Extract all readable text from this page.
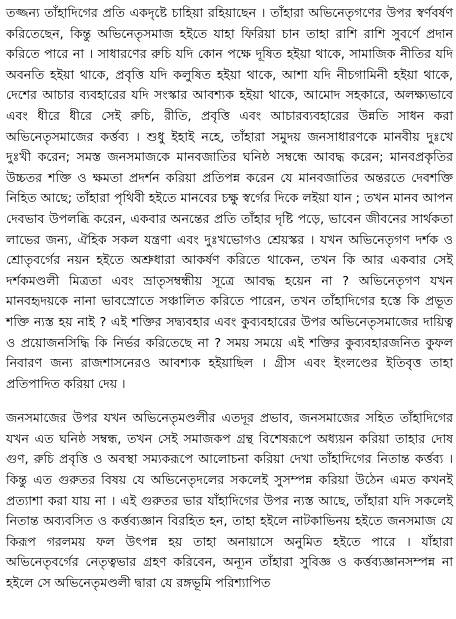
তজ্জন্য তাঁহাদিগের প্রতি একদৃষ্টে চাহিয়া রহিয়াছেন । তাঁহারা অভিনেতৃগণের উপর স্বর্ণবর্ষণ করিতেছেন, কিন্তু অভিনেতৃসমাজ হইতে যাহা ফিরিয়া চান তাহা রাশি রাশি সুবর্ণে প্রদান করিতে পারে না । সাধারণের রুচি যদি কোন পক্ষে দূষিত হইয়া থাকে, সামাজিক নীতির যদি অবনতি হইয়া থাকে, প্রবৃত্তি যদি কলুষিত হইয়া থাকে, আশা যদি নীচগামিনী হইয়া থাকে, দেশের আচার ব্যবহারের যদি সংস্কার আবশ্যক হইয়া থাকে, আমোদ সহকারে, অলক্ষ্যভাবে এবং ধীরে ধীরে সেই রুচি, রীতি, প্রবৃত্তি এবং আচারব্যবহারের উন্নতি সাধন করা অভিনেতৃসমাজের কর্ত্তব্য । শুধু ইহাই নহে, তাঁহারা সমুদয় জনসাধারণকে মানবীয় দুঃখে দুঃখী করেন; সমস্ত জনসমাজকে মানবজাতির ঘনিষ্ঠ সম্বন্ধে আবদ্ধ করেন; মানবপ্রকৃতির উচ্চতর শক্তি ও ক্ষমতা প্রদর্শন করিয়া প্রতিপন্ন করেন যে মানবজাতির অন্তরতে দেবশক্তি নিহিত আছে; তাঁহারা পৃথিবী হইতে মানবের চক্ষু স্বর্গের দিকে লইয়া যান ; তখন মানব আপন দেবভাব উপলব্ধি করেন, একবার অনন্তের প্রতি তাঁহার দৃষ্টি পড়ে, ভাবেন জীবনের সার্থকতা লাভের জন্য, ঐহিক সকল যন্ত্রণা এবং দুঃখভোগও শ্রেয়স্কর । যখন অভিনেতৃগণ দর্শক ও শ্রোতৃবর্গের নয়ন হইতে অশ্রুধারা আকর্ষণ করিতে থাকেন, তখন কি আর একবার সেই দর্শকমণ্ডলী মিত্রতা এবং ভ্রাতৃসম্বন্ধীয় সূত্রে আবদ্ধ হয়েন না ? অভিনেতৃগণ যখন মানবহৃদয়কে নানা ভাবস্রোতে সঞ্চালিত করিতে পারেন, তখন তাঁহাদিগের হস্তে কি প্রভূত শক্তি ন্যস্ত হয় নাই ? এই শক্তির সদ্ব্যবহার এবং কুব্যবহারের উপর অভিনেতৃসমাজের দায়িত্ব ও প্রয়োজনসিদ্ধি কি নির্ভর করিতেছে না ? সময় সময়ে এই শক্তির কুব্যবহারজনিত কুফল নিবারণ জন্য রাজশাসনেরও আবশ্যক হইয়াছিল । গ্রীস এবং ইংলণ্ডের ইতিবৃত্ত তাহা প্রতিপাদিত করিয়া দেয় ।

জনসমাজের উপর যখন অভিনেতৃমণ্ডলীর এতদূর প্রভাব, জনসমাজের সহিত তাঁহাদিগের যখন এত ঘনিষ্ঠ সম্বন্ধ, তখন সেই সমাজকপ গ্রন্থ বিশেষরূপে অধ্যয়ন করিয়া তাহার দোষ গুণ, রুচি প্রবৃত্তি ও অবস্থা সম্যকরূপে আলোচনা করিয়া দেখা তাঁহাদিগের নিতান্ত কর্ত্তব্য । কিন্তু এত গুরুতর বিষয় যে অভিনেতৃদলের সকলেই সুসম্পন্ন করিয়া উঠেন এমত কখনই প্রত্যাশা করা যায় না । এই গুরুতর ভার যাঁহাদিগের উপর ন্যস্ত আছে, তাঁহারা যদি সকলেই নিতান্ত অব্যবসিত ও কর্ত্তব্যজ্ঞান বিরহিত হন, তাহা হইলে নাটকাভিনয় হইতে জনসমাজ যে কিরূপ গরলময় ফল উৎপন্ন হয় তাহা অনায়াসে অনুমিত হইতে পারে । যাঁহারা অভিনেতৃবর্গের নেতৃত্বভার গ্রহণ করিবেন, অন্যূন তাঁহারা সুবিজ্ঞ ও কর্ত্তব্যজ্ঞানসম্পন্ন না হইলে সে অভিনেতৃমণ্ডলী দ্বারা যে রঙ্গভূমি পরিশ্যাপিত
